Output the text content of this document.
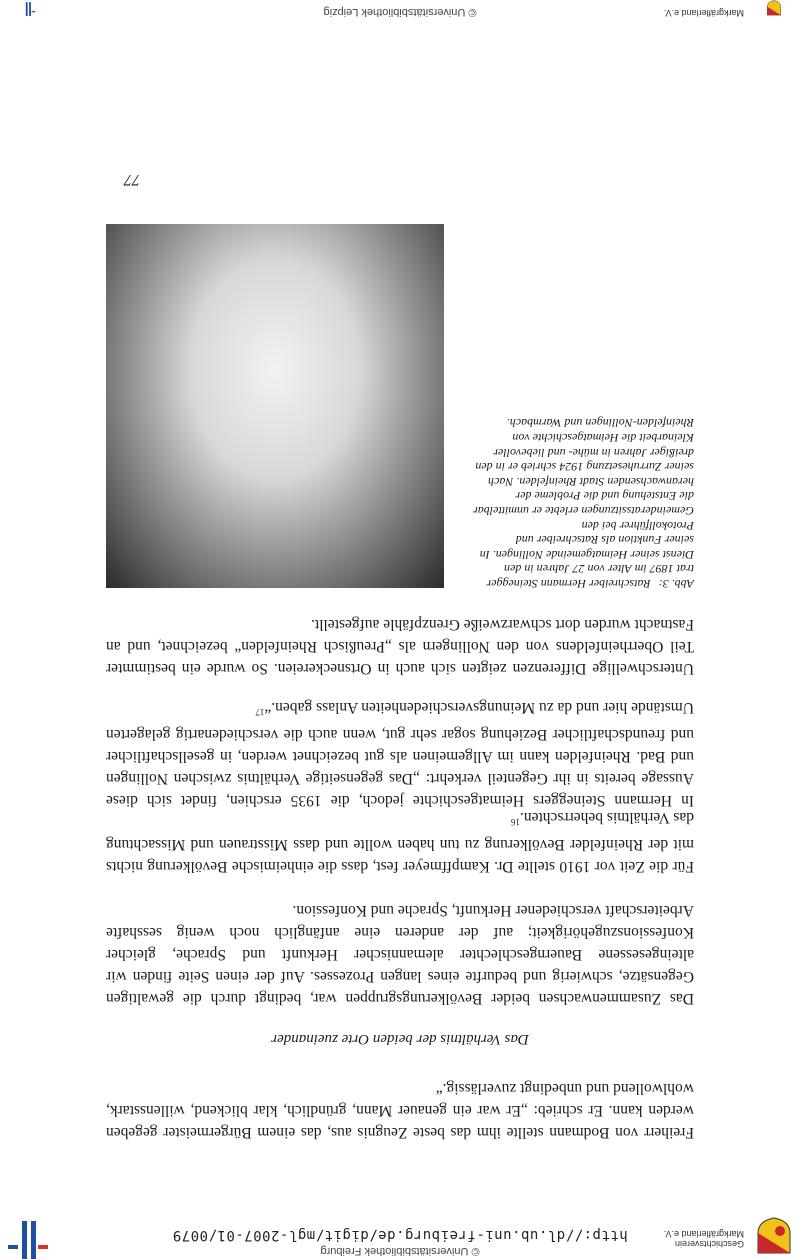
© Universitätsbibliothek Freiburg
http://dl.ub.uni-freiburg.de/digit/mgl-2007-01/0079
Geschichtsverein
Markgräflerland e.V.
Freiherr von Bodmann stellte ihm das beste Zeugnis aus, das einem Bürgermeister gegeben werden kann. Er schrieb: „Er war ein genauer Mann, gründlich, klar blickend, willensstark, wohlwollend und unbedingt zuverlässig.“
Das Verhältnis der beiden Orte zueinander
Das Zusammenwachsen beider Bevölkerungsgruppen war, bedingt durch die gewaltigen Gegensätze, schwierig und bedurfte eines langen Prozesses. Auf der einen Seite finden wir alteingesessene Bauerngeschlechter alemannischer Herkunft und Sprache, gleicher Konfessionszugehörigkeit; auf der anderen eine anfänglich noch wenig sesshafte Arbeiterschaft verschiedener Herkunft, Sprache und Konfession.
Für die Zeit vor 1910 stellte Dr. Kampffmeyer fest, dass die einheimische Bevölkerung nichts mit der Rheinfelder Bevölkerung zu tun haben wollte und dass Misstrauen und Missachtung das Verhältnis beherrschten.$^{16}$
In Hermann Steineggers Heimatgeschichte jedoch, die 1935 erschien, findet sich diese Aussage bereits in ihr Gegenteil verkehrt: „Das gegenseitige Verhältnis zwischen Nollingen und Bad. Rheinfelden kann im Allgemeinen als gut bezeichnet werden, in gesellschaftlicher und freundschaftlicher Beziehung sogar sehr gut, wenn auch die verschiedenartig gelagerten Umstände hier und da zu Meinungsverschiedenheiten Anlass gaben.“$^{17}$
Unterschwellige Differenzen zeigten sich auch in Ortsneckereien. So wurde ein bestimmter Teil Oberrheinfeldens von den Nollingern als „Preußisch Rheinfelden“ bezeichnet, und an Fastnacht wurden dort schwarzweiße Grenzpfähle aufgestellt.
Abb. 3:Ratschreiber Hermann Steinegger trat 1897 im Alter von 27 Jahren in den Dienst seiner Heimatgemeinde Nollingen. In seiner Funktion als Ratschreiber und Protokollführer bei den Gemeinderatssitzungen erlebte er unmittelbar die Entstehung und die Probleme der heranwachsenden Stadt Rheinfelden. Nach seiner Zurruhesetzung 1924 schrieb er in den dreißiger Jahren in mühe- und liebevoller Kleinarbeit die Heimatgeschichte von Rheinfelden-Nollingen und Warmbach.
77
© Universitätsbibliothek Leipzig	Markgräflerland e.V.
